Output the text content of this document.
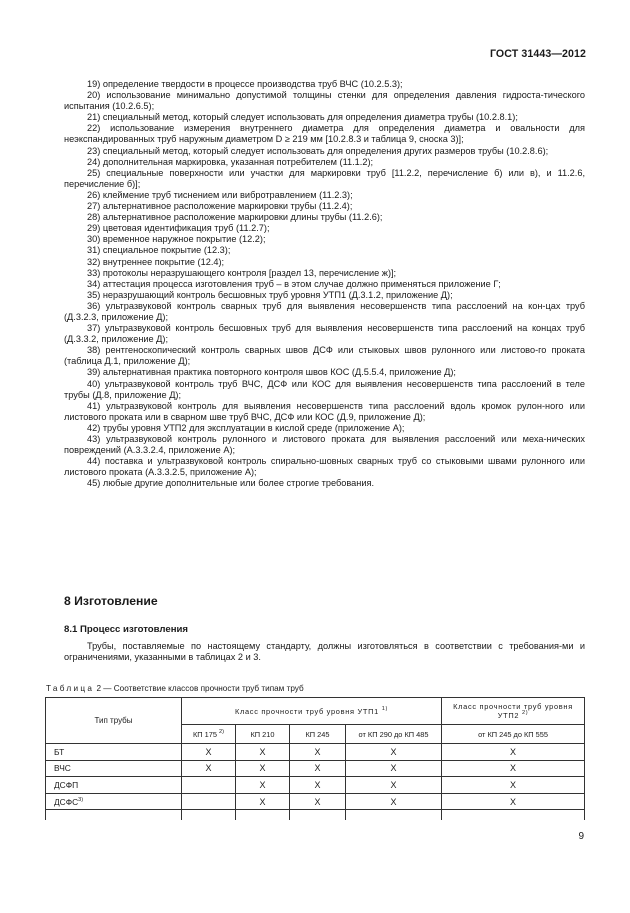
ГОСТ 31443—2012

19) определение твердости в процессе производства труб ВЧС (10.2.5.3);

20) использование минимально допустимой толщины стенки для определения давления гидроста-тического испытания (10.2.6.5);

21) специальный метод, который следует использовать для определения диаметра трубы (10.2.8.1);

22) использование измерения внутреннего диаметра для определения диаметра и овальности для неэкспандированных труб наружным диаметром D ≥ 219 мм [10.2.8.3 и таблица 9, сноска 3)];

23) специальный метод, который следует использовать для определения других размеров трубы (10.2.8.6);

24) дополнительная маркировка, указанная потребителем (11.1.2);

25) специальные поверхности или участки для маркировки труб [11.2.2, перечисление б) или в), и 11.2.6, перечисление б)];

26) клеймение труб тиснением или вибротравлением (11.2.3);

27) альтернативное расположение маркировки трубы (11.2.4);

28) альтернативное расположение маркировки длины трубы (11.2.6);

29) цветовая идентификация труб (11.2.7);

30) временное наружное покрытие (12.2);

31) специальное покрытие (12.3);

32) внутреннее покрытие (12.4);

33) протоколы неразрушающего контроля [раздел 13, перечисление ж)];

34) аттестация процесса изготовления труб – в этом случае должно применяться приложение Г;

35) неразрушающий контроль бесшовных труб уровня УТП1 (Д.3.1.2, приложение Д);

36) ультразвуковой контроль сварных труб для выявления несовершенств типа расслоений на кон-цах труб (Д.3.2.3, приложение Д);

37) ультразвуковой контроль бесшовных труб для выявления несовершенств типа расслоений на концах труб (Д.3.3.2, приложение Д);

38) рентгеноскопический контроль сварных швов ДСФ или стыковых швов рулонного или листово-го проката (таблица Д.1, приложение Д);

39) альтернативная практика повторного контроля швов КОС (Д.5.5.4, приложение Д);

40) ультразвуковой контроль труб ВЧС, ДСФ или КОС для выявления несовершенств типа расслоений в теле трубы (Д.8, приложение Д);

41) ультразвуковой контроль для выявления несовершенств типа расслоений вдоль кромок рулон-ного или листового проката или в сварном шве труб ВЧС, ДСФ или КОС (Д.9, приложение Д);

42) трубы уровня УТП2 для эксплуатации в кислой среде (приложение А);

43) ультразвуковой контроль рулонного и листового проката для выявления расслоений или меха-нических повреждений (А.3.3.2.4, приложение А);

44) поставка и ультразвуковой контроль спирально-шовных сварных труб со стыковыми швами рулонного или листового проката (А.3.3.2.5, приложение А);

45) любые другие дополнительные или более строгие требования.

8 Изготовление
8.1 Процесс изготовления
Трубы, поставляемые по настоящему стандарту, должны изготовляться в соответствии с требования-ми и ограничениями, указанными в таблицах 2 и 3.
Таблица 2 — Соответствие классов прочности труб типам труб
Тип трубы	Класс прочности труб уровня УТП1 $^{1)}$				Класс прочности труб уровня УТП2 $^{2)}$
	КП 175 $^{2)}$	КП 210	КП 245	от КП 290 до КП 485	от КП 245 до КП 555
БТ	X	X	X	X	X
ВЧС	X	X	X	X	X
ДСФП		X	X	X	X
ДСФС$^{3)}$		X	X	X	X

9
